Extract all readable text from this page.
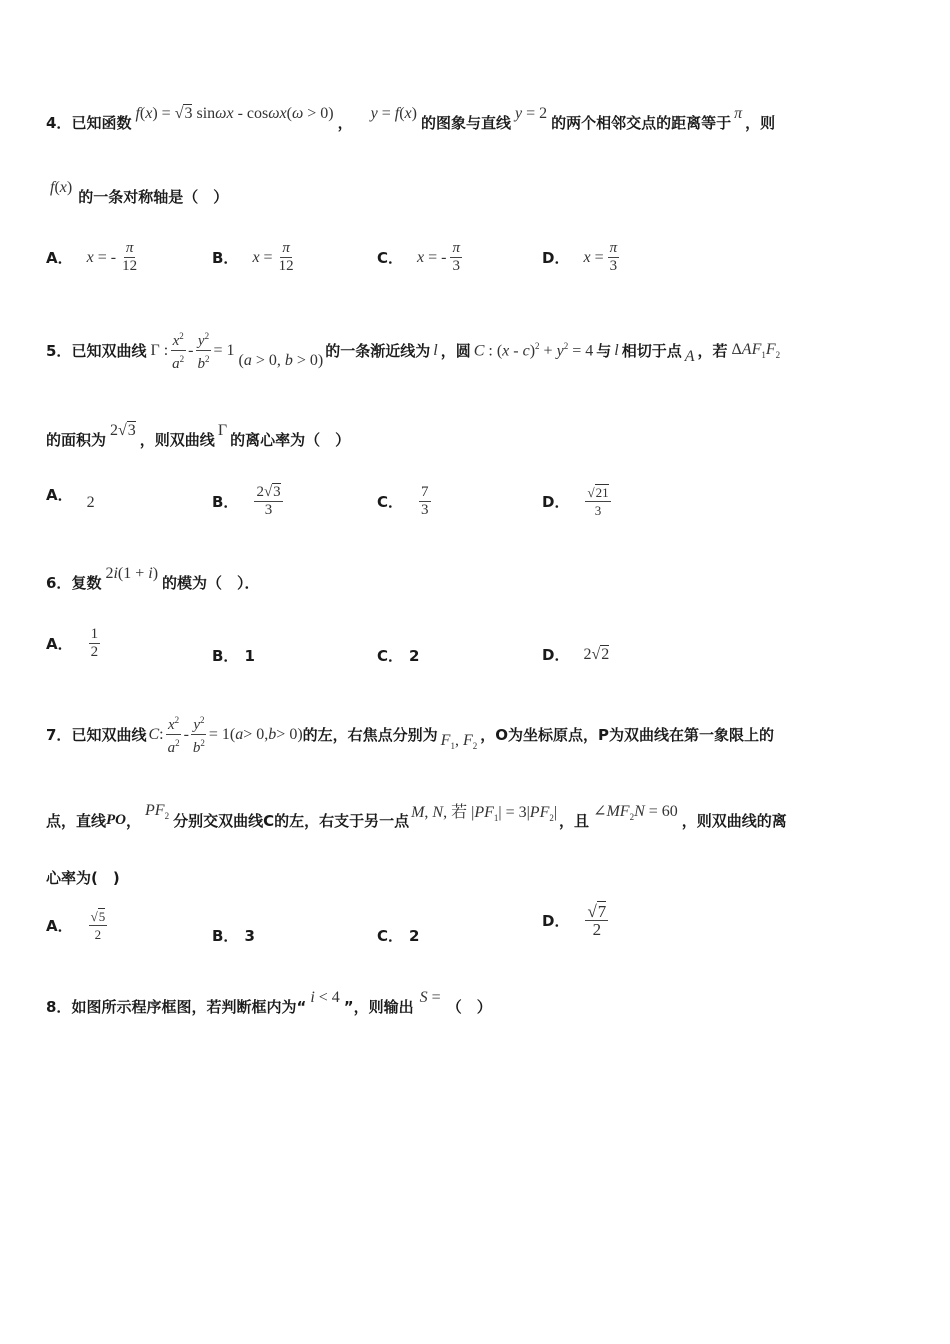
4． 已知函数
f(x) = √3 sinωx - cosωx(ω > 0)
，
y = f(x)
的图象与直线
y = 2
的两个相邻交点的距离等于
π
，则
f(x)
的一条对称轴是（　）
A． x = - $\frac{\pi}{12}$	B． $x = \frac{\pi}{12}$	C． x = - $\frac{\pi}{3}$	D． $x = \frac{\pi}{3}$
5． 已知双曲线 Γ : $\frac{x^2}{a^2} - \frac{y^2}{b^2} = 1$
(a > 0, b > 0) 的一条渐近线为 l ，圆 C : $(x - c)^2 + y^2 = 4$ 与 l 相切于点 A ，若 $\Delta AF_1F_2$
的面积为
2√3
，则双曲线
Γ
的离心率为（　）
A． 2	B． $\frac{2√3}{3}$	C． $\frac{7}{3}$	D． $\frac{√21}{3}$
6． 复数
2i(1 + i)
的模为（　）．
A． $\frac{1}{2}$	B． 1	C． 2	D． 2√2
7． 已知双曲线 C : $\frac{x^2}{a^2} - \frac{y^2}{b^2} = 1$( a > 0, b > 0) 的左，右焦点分别为 $F_1$, $F_2$
，O为坐标原点，P为双曲线在第一象限上的
点，直线 PO ，
$PF_2$ 分别交双曲线C的左，右支于另一点 M, N, 若 $|PF_1| = 3|PF_2|$ ，且
$\angle MF_2N = 60$
，则双曲线的离
心率为(　)
A． $\frac{√5}{2}$	B． 3	C． 2
D． $\frac{√7}{2}$
8． 如图所示程序框图，若判断框内为“
i < 4
”，则输出
S =
（　）
